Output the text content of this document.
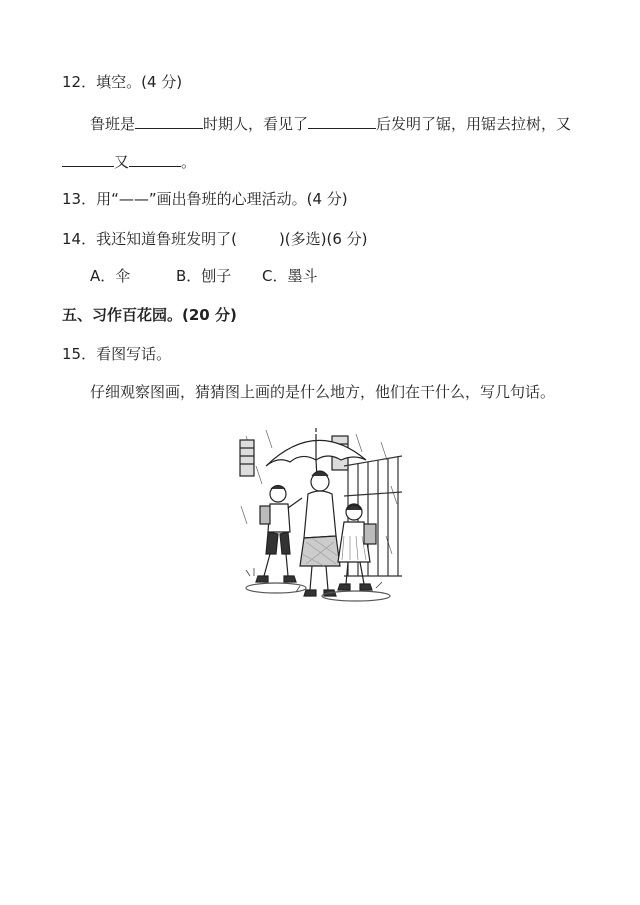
12．填空。(4 分)
鲁班是	时期人，看见了	后发明了锯，用锯去拉树，又
又	。
13．用“——”画出鲁班的心理活动。(4 分)
14．我还知道鲁班发明了(	)(多选)(6 分)
A．伞	B．刨子 C．墨斗
五、习作百花园。(20 分)
15．看图写话。
仔细观察图画，猜猜图上画的是什么地方，他们在干什么，写几句话。
